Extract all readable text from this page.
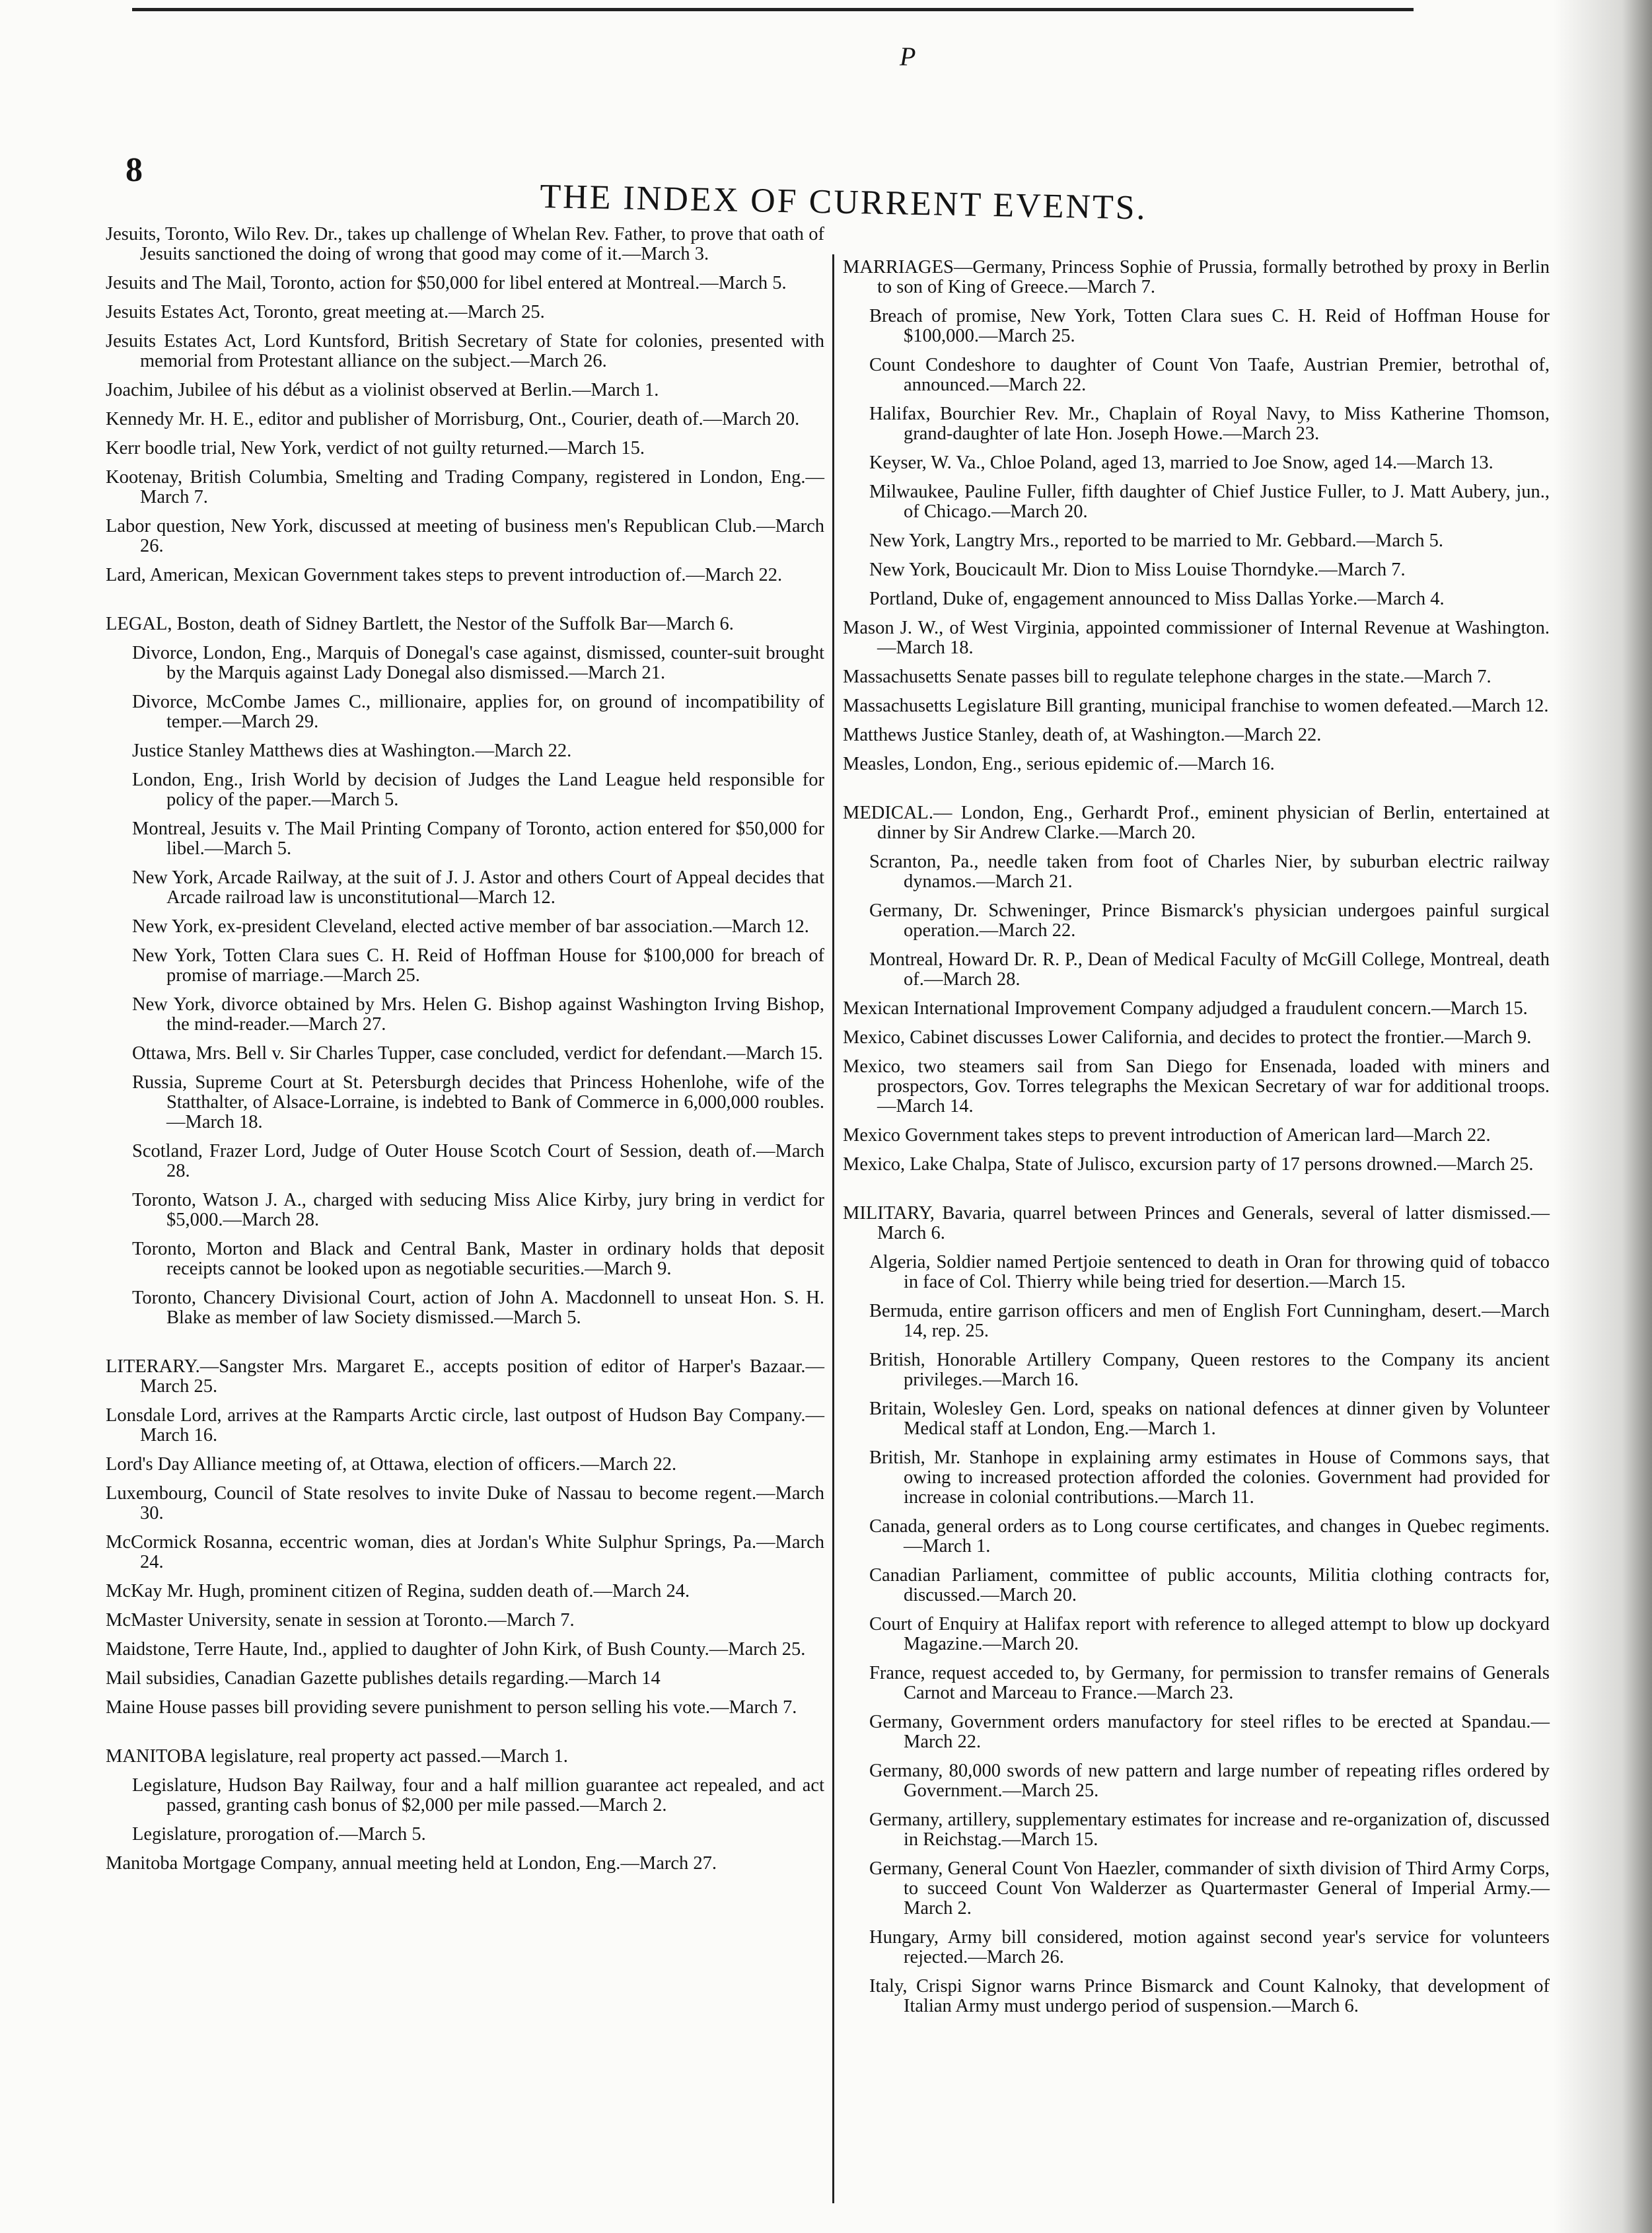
P
8
THE INDEX OF CURRENT EVENTS.
Jesuits, Toronto, Wilo Rev. Dr., takes up challenge of Whelan Rev. Father, to prove that oath of Jesuits sanctioned the doing of wrong that good may come of it.—March 3.
Jesuits and The Mail, Toronto, action for $50,000 for libel entered at Montreal.—March 5.
Jesuits Estates Act, Toronto, great meeting at.—March 25.
Jesuits Estates Act, Lord Kuntsford, British Secretary of State for colonies, presented with memorial from Protestant alliance on the subject.—March 26.
Joachim, Jubilee of his début as a violinist observed at Berlin.—March 1.
Kennedy Mr. H. E., editor and publisher of Morrisburg, Ont., Courier, death of.—March 20.
Kerr boodle trial, New York, verdict of not guilty returned.—March 15.
Kootenay, British Columbia, Smelting and Trading Company, registered in London, Eng.—March 7.
Labor question, New York, discussed at meeting of business men's Republican Club.—March 26.
Lard, American, Mexican Government takes steps to prevent introduction of.—March 22.
LEGAL, Boston, death of Sidney Bartlett, the Nestor of the Suffolk Bar—March 6.
Divorce, London, Eng., Marquis of Donegal's case against, dismissed, counter-suit brought by the Marquis against Lady Donegal also dismissed.—March 21.
Divorce, McCombe James C., millionaire, applies for, on ground of incompatibility of temper.—March 29.
Justice Stanley Matthews dies at Washington.—March 22.
London, Eng., Irish World by decision of Judges the Land League held responsible for policy of the paper.—March 5.
Montreal, Jesuits v. The Mail Printing Company of Toronto, action entered for $50,000 for libel.—March 5.
New York, Arcade Railway, at the suit of J. J. Astor and others Court of Appeal decides that Arcade railroad law is unconstitutional—March 12.
New York, ex-president Cleveland, elected active member of bar association.—March 12.
New York, Totten Clara sues C. H. Reid of Hoffman House for $100,000 for breach of promise of marriage.—March 25.
New York, divorce obtained by Mrs. Helen G. Bishop against Washington Irving Bishop, the mind-reader.—March 27.
Ottawa, Mrs. Bell v. Sir Charles Tupper, case concluded, verdict for defendant.—March 15.
Russia, Supreme Court at St. Petersburgh decides that Princess Hohenlohe, wife of the Statthalter, of Alsace-Lorraine, is indebted to Bank of Commerce in 6,000,000 roubles.—March 18.
Scotland, Frazer Lord, Judge of Outer House Scotch Court of Session, death of.—March 28.
Toronto, Watson J. A., charged with seducing Miss Alice Kirby, jury bring in verdict for $5,000.—March 28.
Toronto, Morton and Black and Central Bank, Master in ordinary holds that deposit receipts cannot be looked upon as negotiable securities.—March 9.
Toronto, Chancery Divisional Court, action of John A. Macdonnell to unseat Hon. S. H. Blake as member of law Society dismissed.—March 5.
LITERARY.—Sangster Mrs. Margaret E., accepts position of editor of Harper's Bazaar.—March 25.
Lonsdale Lord, arrives at the Ramparts Arctic circle, last outpost of Hudson Bay Company.—March 16.
Lord's Day Alliance meeting of, at Ottawa, election of officers.—March 22.
Luxembourg, Council of State resolves to invite Duke of Nassau to become regent.—March 30.
McCormick Rosanna, eccentric woman, dies at Jordan's White Sulphur Springs, Pa.—March 24.
McKay Mr. Hugh, prominent citizen of Regina, sudden death of.—March 24.
McMaster University, senate in session at Toronto.—March 7.
Maidstone, Terre Haute, Ind., applied to daughter of John Kirk, of Bush County.—March 25.
Mail subsidies, Canadian Gazette publishes details regarding.—March 14
Maine House passes bill providing severe punishment to person selling his vote.—March 7.
MANITOBA legislature, real property act passed.—March 1.
Legislature, Hudson Bay Railway, four and a half million guarantee act repealed, and act passed, granting cash bonus of $2,000 per mile passed.—March 2.
Legislature, prorogation of.—March 5.
Manitoba Mortgage Company, annual meeting held at London, Eng.—March 27.
MARRIAGES—Germany, Princess Sophie of Prussia, formally betrothed by proxy in Berlin to son of King of Greece.—March 7.
Breach of promise, New York, Totten Clara sues C. H. Reid of Hoffman House for $100,000.—March 25.
Count Condeshore to daughter of Count Von Taafe, Austrian Premier, betrothal of, announced.—March 22.
Halifax, Bourchier Rev. Mr., Chaplain of Royal Navy, to Miss Katherine Thomson, grand-daughter of late Hon. Joseph Howe.—March 23.
Keyser, W. Va., Chloe Poland, aged 13, married to Joe Snow, aged 14.—March 13.
Milwaukee, Pauline Fuller, fifth daughter of Chief Justice Fuller, to J. Matt Aubery, jun., of Chicago.—March 20.
New York, Langtry Mrs., reported to be married to Mr. Gebbard.—March 5.
New York, Boucicault Mr. Dion to Miss Louise Thorndyke.—March 7.
Portland, Duke of, engagement announced to Miss Dallas Yorke.—March 4.
Mason J. W., of West Virginia, appointed commissioner of Internal Revenue at Washington.—March 18.
Massachusetts Senate passes bill to regulate telephone charges in the state.—March 7.
Massachusetts Legislature Bill granting, municipal franchise to women defeated.—March 12.
Matthews Justice Stanley, death of, at Washington.—March 22.
Measles, London, Eng., serious epidemic of.—March 16.
MEDICAL.— London, Eng., Gerhardt Prof., eminent physician of Berlin, entertained at dinner by Sir Andrew Clarke.—March 20.
Scranton, Pa., needle taken from foot of Charles Nier, by suburban electric railway dynamos.—March 21.
Germany, Dr. Schweninger, Prince Bismarck's physician undergoes painful surgical operation.—March 22.
Montreal, Howard Dr. R. P., Dean of Medical Faculty of McGill College, Montreal, death of.—March 28.
Mexican International Improvement Company adjudged a fraudulent concern.—March 15.
Mexico, Cabinet discusses Lower California, and decides to protect the frontier.—March 9.
Mexico, two steamers sail from San Diego for Ensenada, loaded with miners and prospectors, Gov. Torres telegraphs the Mexican Secretary of war for additional troops.—March 14.
Mexico Government takes steps to prevent introduction of American lard—March 22.
Mexico, Lake Chalpa, State of Julisco, excursion party of 17 persons drowned.—March 25.
MILITARY, Bavaria, quarrel between Princes and Generals, several of latter dismissed.—March 6.
Algeria, Soldier named Pertjoie sentenced to death in Oran for throwing quid of tobacco in face of Col. Thierry while being tried for desertion.—March 15.
Bermuda, entire garrison officers and men of English Fort Cunningham, desert.—March 14, rep. 25.
British, Honorable Artillery Company, Queen restores to the Company its ancient privileges.—March 16.
Britain, Wolesley Gen. Lord, speaks on national defences at dinner given by Volunteer Medical staff at London, Eng.—March 1.
British, Mr. Stanhope in explaining army estimates in House of Commons says, that owing to increased protection afforded the colonies. Government had provided for increase in colonial contributions.—March 11.
Canada, general orders as to Long course certificates, and changes in Quebec regiments.—March 1.
Canadian Parliament, committee of public accounts, Militia clothing contracts for, discussed.—March 20.
Court of Enquiry at Halifax report with reference to alleged attempt to blow up dockyard Magazine.—March 20.
France, request acceded to, by Germany, for permission to transfer remains of Generals Carnot and Marceau to France.—March 23.
Germany, Government orders manufactory for steel rifles to be erected at Spandau.—March 22.
Germany, 80,000 swords of new pattern and large number of repeating rifles ordered by Government.—March 25.
Germany, artillery, supplementary estimates for increase and re-organization of, discussed in Reichstag.—March 15.
Germany, General Count Von Haezler, commander of sixth division of Third Army Corps, to succeed Count Von Walderzer as Quartermaster General of Imperial Army.—March 2.
Hungary, Army bill considered, motion against second year's service for volunteers rejected.—March 26.
Italy, Crispi Signor warns Prince Bismarck and Count Kalnoky, that development of Italian Army must undergo period of suspension.—March 6.
